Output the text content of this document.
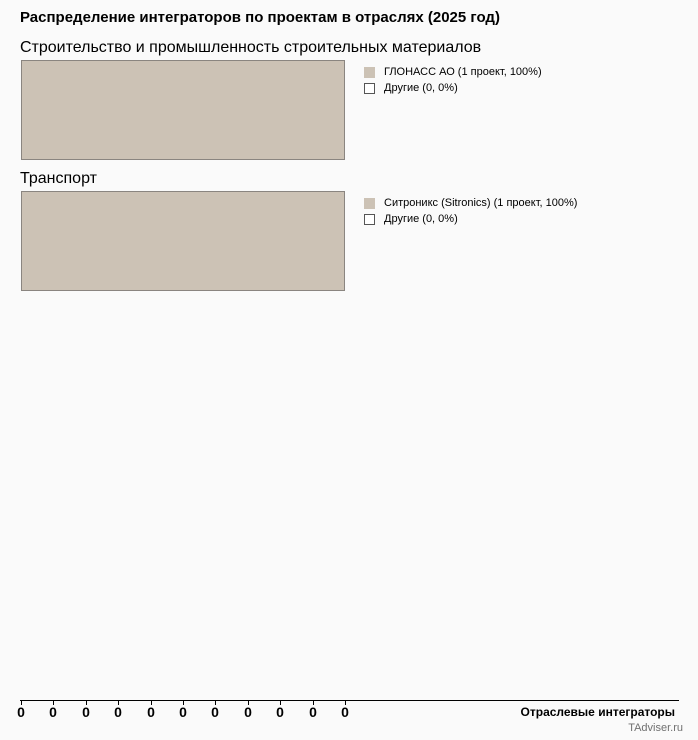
Распределение интеграторов по проектам в отраслях (2025 год)
Строительство и промышленность строительных материалов
ГЛОНАСС АО (1 проект, 100%)
Другие (0, 0%)
Транспорт
Ситроникс (Sitronics) (1 проект, 100%)
Другие (0, 0%)
0	0	0	0	0	0	0	0	0	0	0	Отраслевые интеграторы
TAdviser.ru
